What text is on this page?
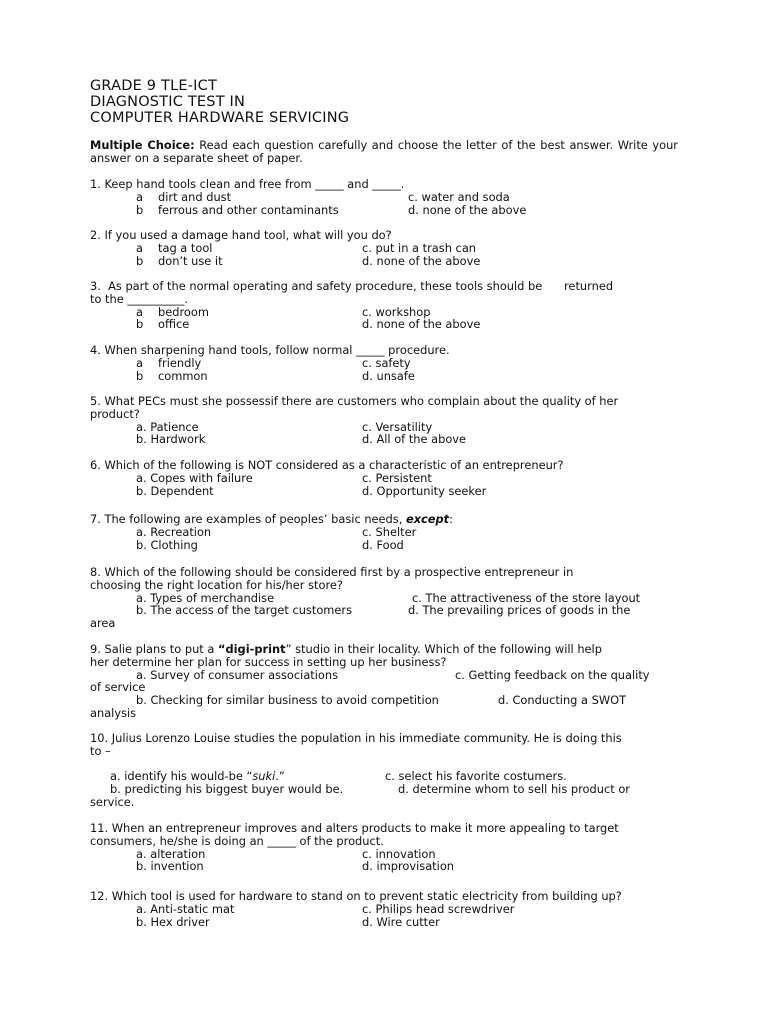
GRADE 9 TLE-ICT
DIAGNOSTIC TEST IN
COMPUTER HARDWARE SERVICING
Multiple Choice: Read each question carefully and choose the letter of the best answer. Write your answer on a separate sheet of paper.
1. Keep hand tools clean and free from _____ and _____.
a dirt and dust	c. water and soda
b ferrous and other contaminants	d. none of the above
2. If you used a damage hand tool, what will you do?
a tag a tool	c. put in a trash can
b don’t use it	d. none of the above
3.  As part of the normal operating and safety procedure, these tools should be      returned
to the __________.
a bedroom	c. workshop
b office	d. none of the above
4. When sharpening hand tools, follow normal _____ procedure.
a friendly	c. safety
b common	d. unsafe
5. What PECs must she possessif there are customers who complain about the quality of her
product?
a. Patience	c. Versatility
b. Hardwork	d. All of the above
6. Which of the following is NOT considered as a characteristic of an entrepreneur?
a. Copes with failure	c. Persistent
b. Dependent	d. Opportunity seeker
7. The following are examples of peoples’ basic needs, except:
a. Recreation	c. Shelter
b. Clothing	d. Food
8. Which of the following should be considered first by a prospective entrepreneur in
choosing the right location for his/her store?
a. Types of merchandise	c. The attractiveness of the store layout
b. The access of the target customers	d. The prevailing prices of goods in the
area
9. Salie plans to put a “digi-print” studio in their locality. Which of the following will help
her determine her plan for success in setting up her business?
a. Survey of consumer associations	c. Getting feedback on the quality
of service
b. Checking for similar business to avoid competition	d. Conducting a SWOT
analysis
10. Julius Lorenzo Louise studies the population in his immediate community. He is doing this
to –
a. identify his would-be “suki.”	c. select his favorite costumers.
b. predicting his biggest buyer would be.	d. determine whom to sell his product or
service.
11. When an entrepreneur improves and alters products to make it more appealing to target
consumers, he/she is doing an _____ of the product.
a. alteration	c. innovation
b. invention	d. improvisation
12. Which tool is used for hardware to stand on to prevent static electricity from building up?
a. Anti-static mat	c. Philips head screwdriver
b. Hex driver	d. Wire cutter
